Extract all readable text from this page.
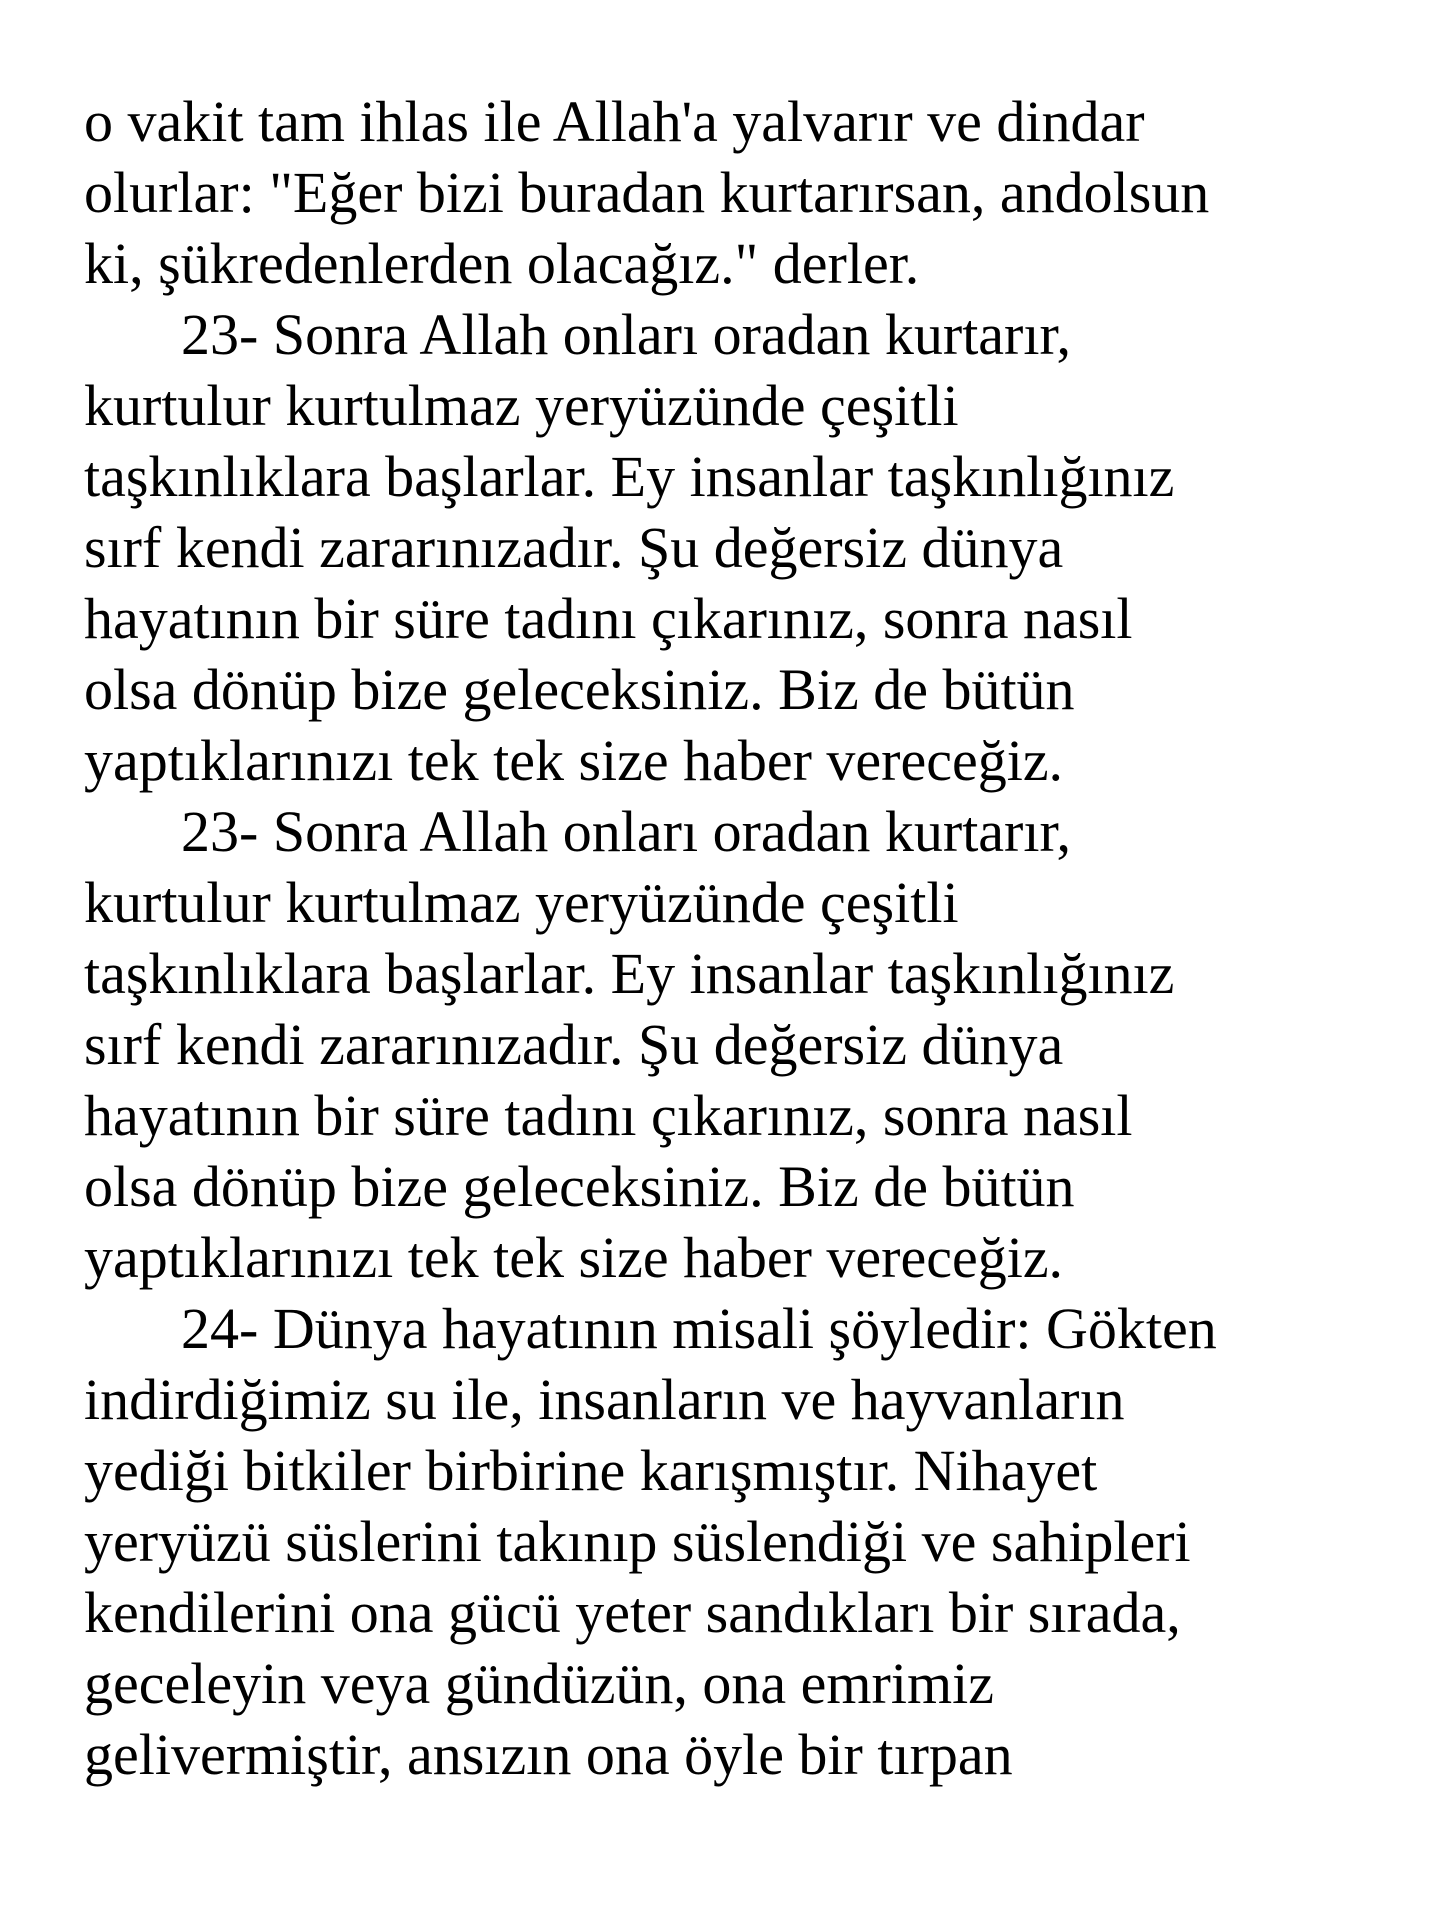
o vakit tam ihlas ile Allah'a yalvarır ve dindar
olurlar: "Eğer bizi buradan kurtarırsan, andolsun
ki, şükredenlerden olacağız." derler.
23- Sonra Allah onları oradan kurtarır,
kurtulur kurtulmaz yeryüzünde çeşitli
taşkınlıklara başlarlar. Ey insanlar taşkınlığınız
sırf kendi zararınızadır. Şu değersiz dünya
hayatının bir süre tadını çıkarınız, sonra nasıl
olsa dönüp bize geleceksiniz. Biz de bütün
yaptıklarınızı tek tek size haber vereceğiz.
23- Sonra Allah onları oradan kurtarır,
kurtulur kurtulmaz yeryüzünde çeşitli
taşkınlıklara başlarlar. Ey insanlar taşkınlığınız
sırf kendi zararınızadır. Şu değersiz dünya
hayatının bir süre tadını çıkarınız, sonra nasıl
olsa dönüp bize geleceksiniz. Biz de bütün
yaptıklarınızı tek tek size haber vereceğiz.
24- Dünya hayatının misali şöyledir: Gökten
indirdiğimiz su ile, insanların ve hayvanların
yediği bitkiler birbirine karışmıştır. Nihayet
yeryüzü süslerini takınıp süslendiği ve sahipleri
kendilerini ona gücü yeter sandıkları bir sırada,
geceleyin veya gündüzün, ona emrimiz
gelivermiştir, ansızın ona öyle bir tırpan
